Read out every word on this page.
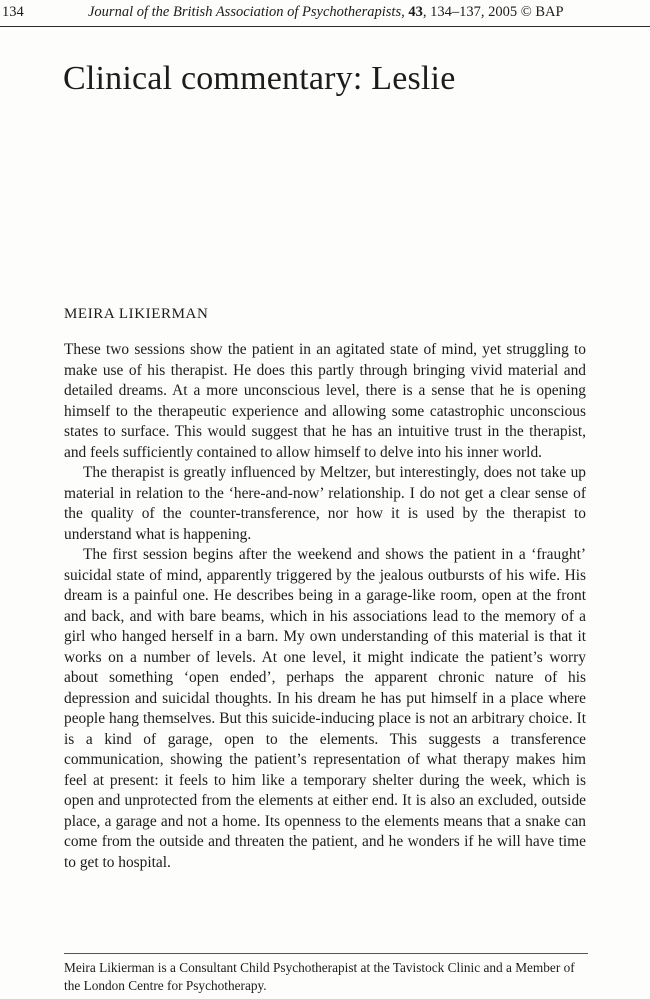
134	Journal of the British Association of Psychotherapists, 43, 134–137, 2005 © BAP
Clinical commentary: Leslie
MEIRA LIKIERMAN

These two sessions show the patient in an agitated state of mind, yet struggling to make use of his therapist. He does this partly through bringing vivid material and detailed dreams. At a more unconscious level, there is a sense that he is opening himself to the therapeutic experience and allowing some catastrophic unconscious states to surface. This would suggest that he has an intuitive trust in the therapist, and feels sufficiently contained to allow himself to delve into his inner world.

The therapist is greatly influenced by Meltzer, but interestingly, does not take up material in relation to the ‘here-and-now’ relationship. I do not get a clear sense of the quality of the counter-transference, nor how it is used by the therapist to understand what is happening.

The first session begins after the weekend and shows the patient in a ‘fraught’ suicidal state of mind, apparently triggered by the jealous outbursts of his wife. His dream is a painful one. He describes being in a garage-like room, open at the front and back, and with bare beams, which in his associations lead to the memory of a girl who hanged herself in a barn. My own understanding of this material is that it works on a number of levels. At one level, it might indicate the patient’s worry about something ‘open ended’, perhaps the apparent chronic nature of his depression and suicidal thoughts. In his dream he has put himself in a place where people hang themselves. But this suicide-inducing place is not an arbitrary choice. It is a kind of garage, open to the elements. This suggests a transference communication, showing the patient’s representation of what therapy makes him feel at present: it feels to him like a temporary shelter during the week, which is open and unprotected from the elements at either end. It is also an excluded, outside place, a garage and not a home. Its openness to the elements means that a snake can come from the outside and threaten the patient, and he wonders if he will have time to get to hospital.

Meira Likierman is a Consultant Child Psychotherapist at the Tavistock Clinic and a Member of the London Centre for Psychotherapy.
